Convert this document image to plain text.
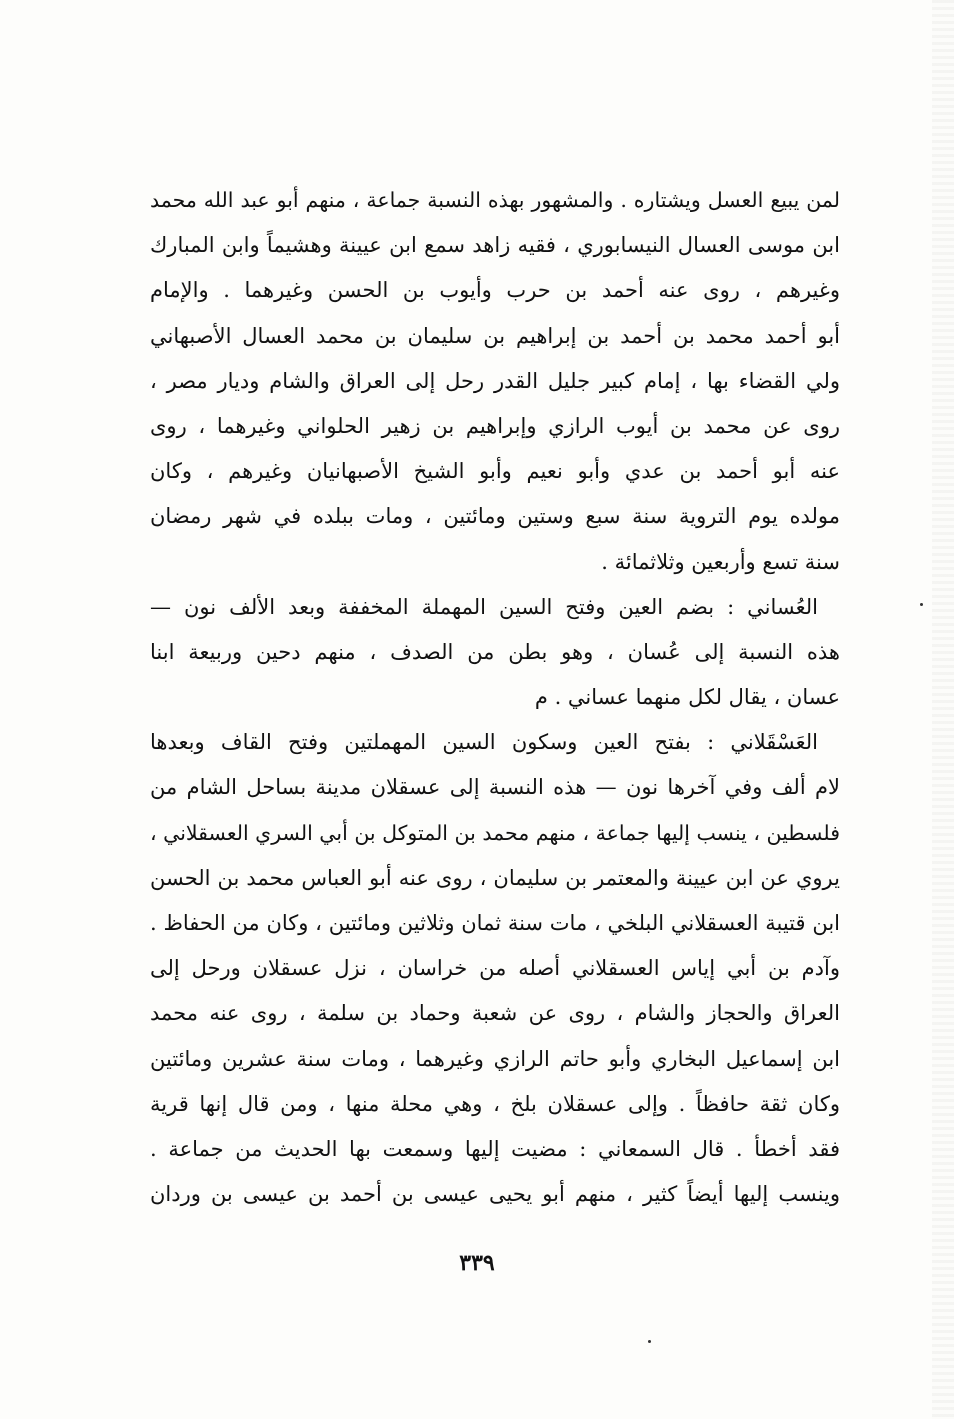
لمن يبيع العسل ويشتاره . والمشهور بهذه النسبة جماعة ، منهم أبو عبد الله محمد
ابن موسى العسال النيسابوري ، فقيه زاهد سمع ابن عيينة وهشيماً وابن المبارك
وغيرهم ، روى عنه أحمد بن حرب وأيوب بن الحسن وغيرهما . والإمام
أبو أحمد محمد بن أحمد بن إبراهيم بن سليمان بن محمد العسال الأصبهاني
ولي القضاء بها ، إمام كبير جليل القدر رحل إلى العراق والشام وديار مصر ،
روى عن محمد بن أيوب الرازي وإبراهيم بن زهير الحلواني وغيرهما ، روى
عنه أبو أحمد بن عدي وأبو نعيم وأبو الشيخ الأصبهانيان وغيرهم ، وكان
مولده يوم التروية سنة سبع وستين ومائتين ، ومات ببلده في شهر رمضان
سنة تسع وأربعين وثلاثمائة .
العُساني : بضم العين وفتح السين المهملة المخففة وبعد الألف نون —
هذه النسبة إلى عُسان ، وهو بطن من الصدف ، منهم دحين وربيعة ابنا
عسان ، يقال لكل منهما عساني . م
العَسْقَلاني : بفتح العين وسكون السين المهملتين وفتح القاف وبعدها
لام ألف وفي آخرها نون — هذه النسبة إلى عسقلان مدينة بساحل الشام من
فلسطين ، ينسب إليها جماعة ، منهم محمد بن المتوكل بن أبي السري العسقلاني ،
يروي عن ابن عيينة والمعتمر بن سليمان ، روى عنه أبو العباس محمد بن الحسن
ابن قتيبة العسقلاني البلخي ، مات سنة ثمان وثلاثين ومائتين ، وكان من الحفاظ .
وآدم بن أبي إياس العسقلاني أصله من خراسان ، نزل عسقلان ورحل إلى
العراق والحجاز والشام ، روى عن شعبة وحماد بن سلمة ، روى عنه محمد
ابن إسماعيل البخاري وأبو حاتم الرازي وغيرهما ، ومات سنة عشرين ومائتين
وكان ثقة حافظاً . وإلى عسقلان بلخ ، وهي محلة منها ، ومن قال إنها قرية
فقد أخطأ . قال السمعاني : مضيت إليها وسمعت بها الحديث من جماعة .
وينسب إليها أيضاً كثير ، منهم أبو يحيى عيسى بن أحمد بن عيسى بن وردان
٣٣٩
